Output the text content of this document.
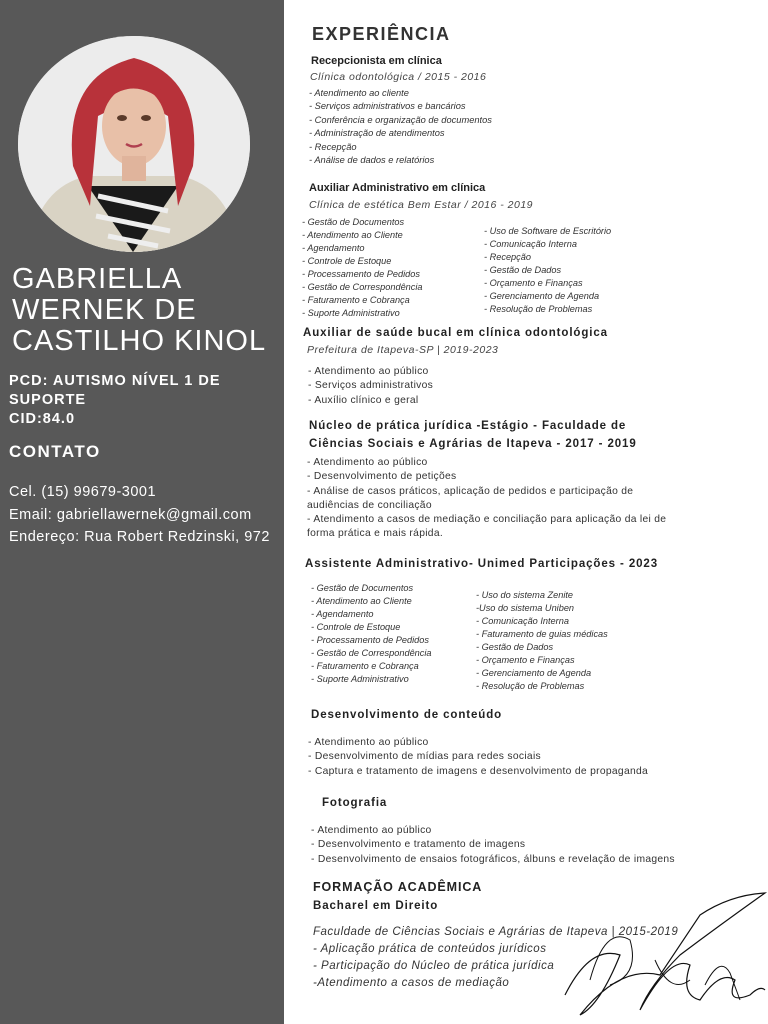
GABRIELLA
WERNEK DE
CASTILHO KINOL
PCD: AUTISMO NÍVEL 1 DE
SUPORTE
CID:84.0
CONTATO
Cel. (15) 99679-3001
Email: gabriellawernek@gmail.com
Endereço: Rua Robert Redzinski, 972
EXPERIÊNCIA
Recepcionista em clínica
Clínica odontológica / 2015 - 2016
- Atendimento ao cliente
- Serviços administrativos e bancários
- Conferência e organização de documentos
- Administração de atendimentos
- Recepção
- Análise de dados e relatórios
Auxiliar Administrativo em clínica
Clínica de estética Bem Estar / 2016 - 2019
- Gestão de Documentos
- Atendimento ao Cliente
- Agendamento
- Controle de Estoque
- Processamento de Pedidos
- Gestão de Correspondência
- Faturamento e Cobrança
- Suporte Administrativo
- Uso de Software de Escritório
- Comunicação Interna
- Recepção
- Gestão de Dados
- Orçamento e Finanças
- Gerenciamento de Agenda
- Resolução de Problemas
Auxiliar de saúde bucal em clínica odontológica
Prefeitura de Itapeva-SP | 2019-2023
- Atendimento ao público
- Serviços administrativos
- Auxílio clínico e geral
Núcleo de prática jurídica -Estágio - Faculdade de
Ciências Sociais e Agrárias de Itapeva - 2017 - 2019
- Atendimento ao público
- Desenvolvimento de petições
- Análise de casos práticos, aplicação de pedidos e participação de
audiências de conciliação
- Atendimento a casos de mediação e conciliação para aplicação da lei de
forma prática e mais rápida.
Assistente Administrativo- Unimed Participações - 2023
- Gestão de Documentos
- Atendimento ao Cliente
- Agendamento
- Controle de Estoque
- Processamento de Pedidos
- Gestão de Correspondência
- Faturamento e Cobrança
- Suporte Administrativo
- Uso do sistema Zenite
-Uso do sistema Uniben
- Comunicação Interna
- Faturamento de guias médicas
- Gestão de Dados
- Orçamento e Finanças
- Gerenciamento de Agenda
- Resolução de Problemas
Desenvolvimento de conteúdo
- Atendimento ao público
- Desenvolvimento de mídias para redes sociais
- Captura e tratamento de imagens e desenvolvimento de propaganda
Fotografia
- Atendimento ao público
- Desenvolvimento e tratamento de imagens
- Desenvolvimento de ensaios fotográficos, álbuns e revelação de imagens
FORMAÇÃO ACADÊMICA
Bacharel em Direito
Faculdade de Ciências Sociais e Agrárias de Itapeva | 2015-2019
- Aplicação prática de conteúdos jurídicos
- Participação do Núcleo de prática jurídica
-Atendimento a casos de mediação
